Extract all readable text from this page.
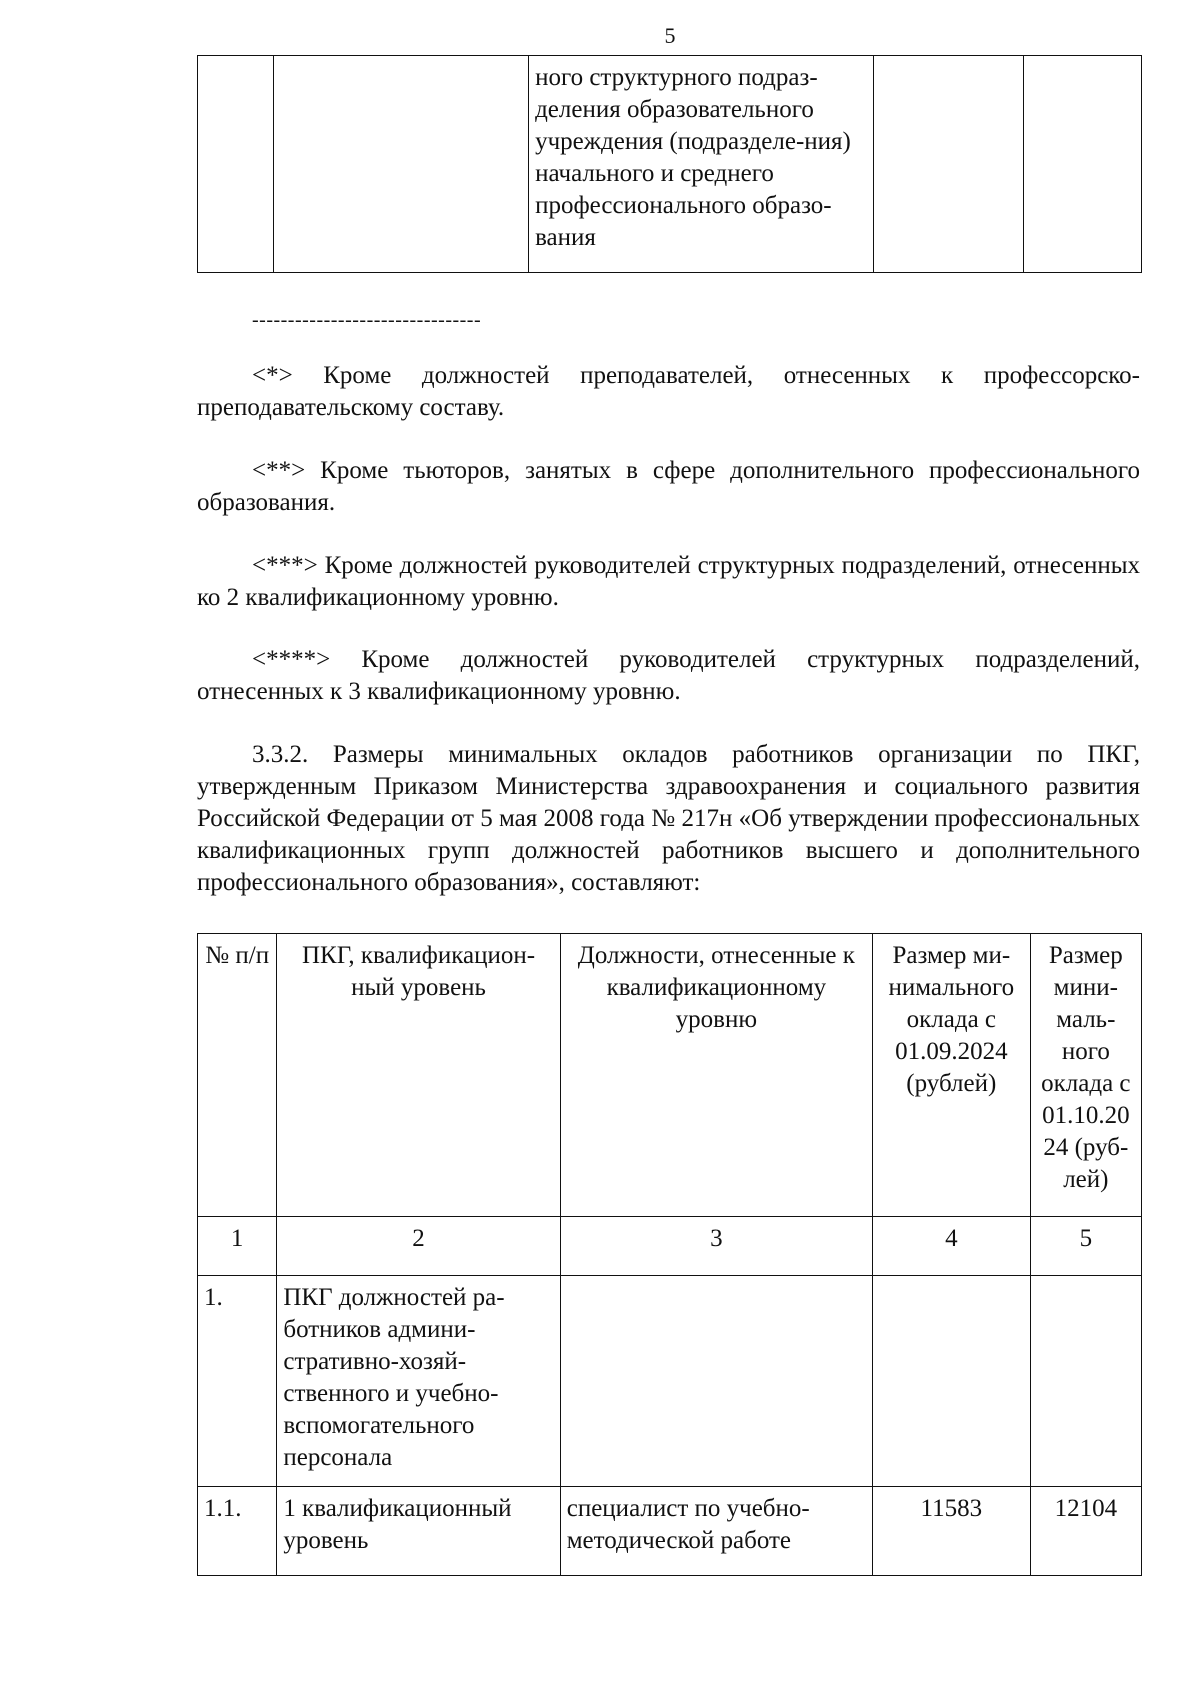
5
		ного структурного подраз-деления образовательного учреждения (подразделе-ния) начального и среднего профессионального образо-вания		
--------------------------------

<*> Кроме должностей преподавателей, отнесенных к профессорско-преподавательскому составу.

<**> Кроме тьюторов, занятых в сфере дополнительного профессионального образования.

<***> Кроме должностей руководителей структурных подразделений, отнесенных ко 2 квалификационному уровню.

<****> Кроме должностей руководителей структурных подразделений, отнесенных к 3 квалификационному уровню.

3.3.2. Размеры минимальных окладов работников организации по ПКГ, утвержденным Приказом Министерства здравоохранения и социального развития Российской Федерации от 5 мая 2008 года № 217н «Об утверждении профессиональных квалификационных групп должностей работников высшего и дополнительного профессионального образования», составляют:

№ п/п	ПКГ, квалификацион-ный уровень	Должности, отнесенные к квалификационному уровню	Размер ми-нимального оклада с 01.09.2024 (рублей)	Размер мини-маль-ного оклада с 01.10.20 24 (руб-лей)
1	2	3	4	5
1.	ПКГ должностей ра-ботников админи-стративно-хозяй-ственного и учебно-вспомогательного персонала			
1.1.	1 квалификационный уровень	специалист по учебно-методической работе	11583	12104
